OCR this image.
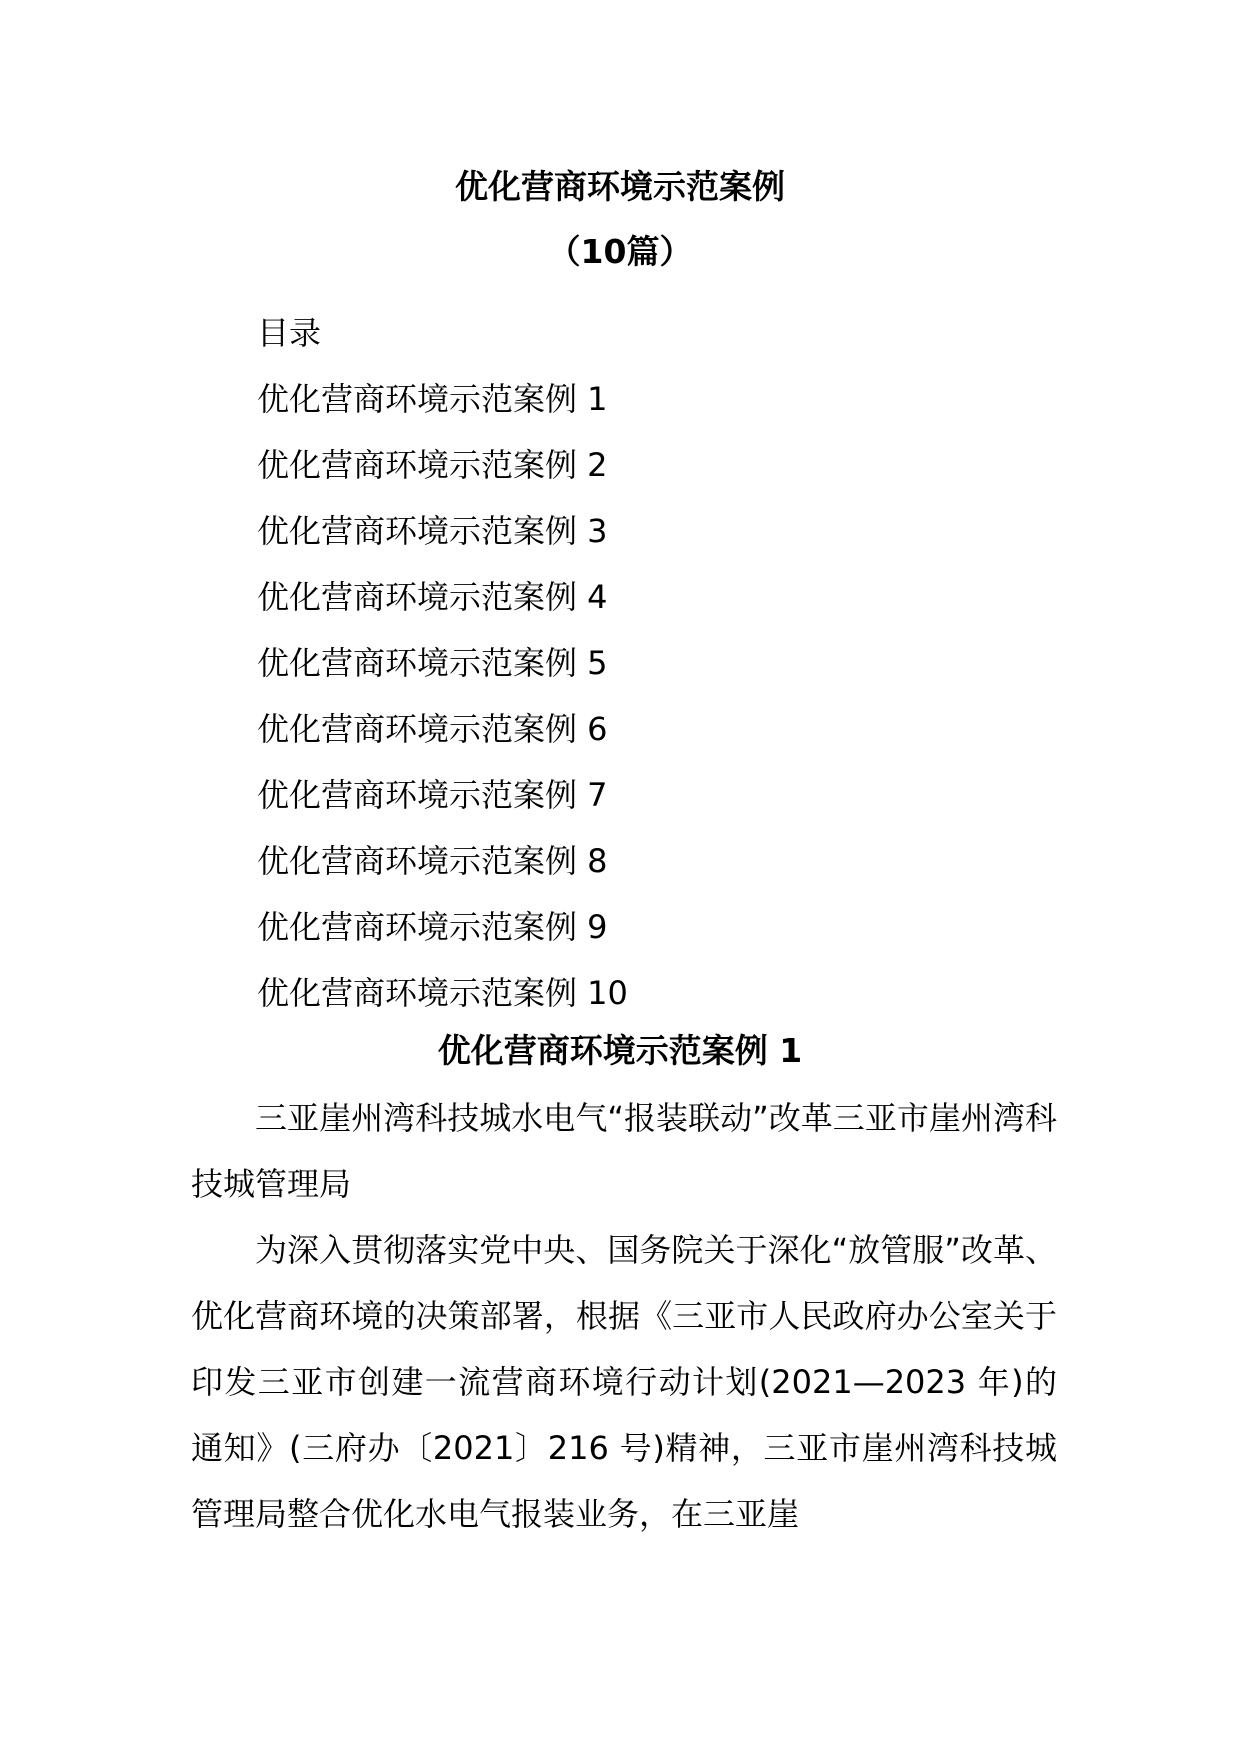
优化营商环境示范案例
（10篇）
目录
优化营商环境示范案例 1
优化营商环境示范案例 2
优化营商环境示范案例 3
优化营商环境示范案例 4
优化营商环境示范案例 5
优化营商环境示范案例 6
优化营商环境示范案例 7
优化营商环境示范案例 8
优化营商环境示范案例 9
优化营商环境示范案例 10
优化营商环境示范案例 1

三亚崖州湾科技城水电气“报装联动”改革三亚市崖州湾科技城管理局

为深入贯彻落实党中央、国务院关于深化“放管服”改革、优化营商环境的决策部署，根据《三亚市人民政府办公室关于印发三亚市创建一流营商环境行动计划(2021—2023 年)的通知》(三府办〔2021〕216 号)精神，三亚市崖州湾科技城管理局整合优化水电气报装业务，在三亚崖
